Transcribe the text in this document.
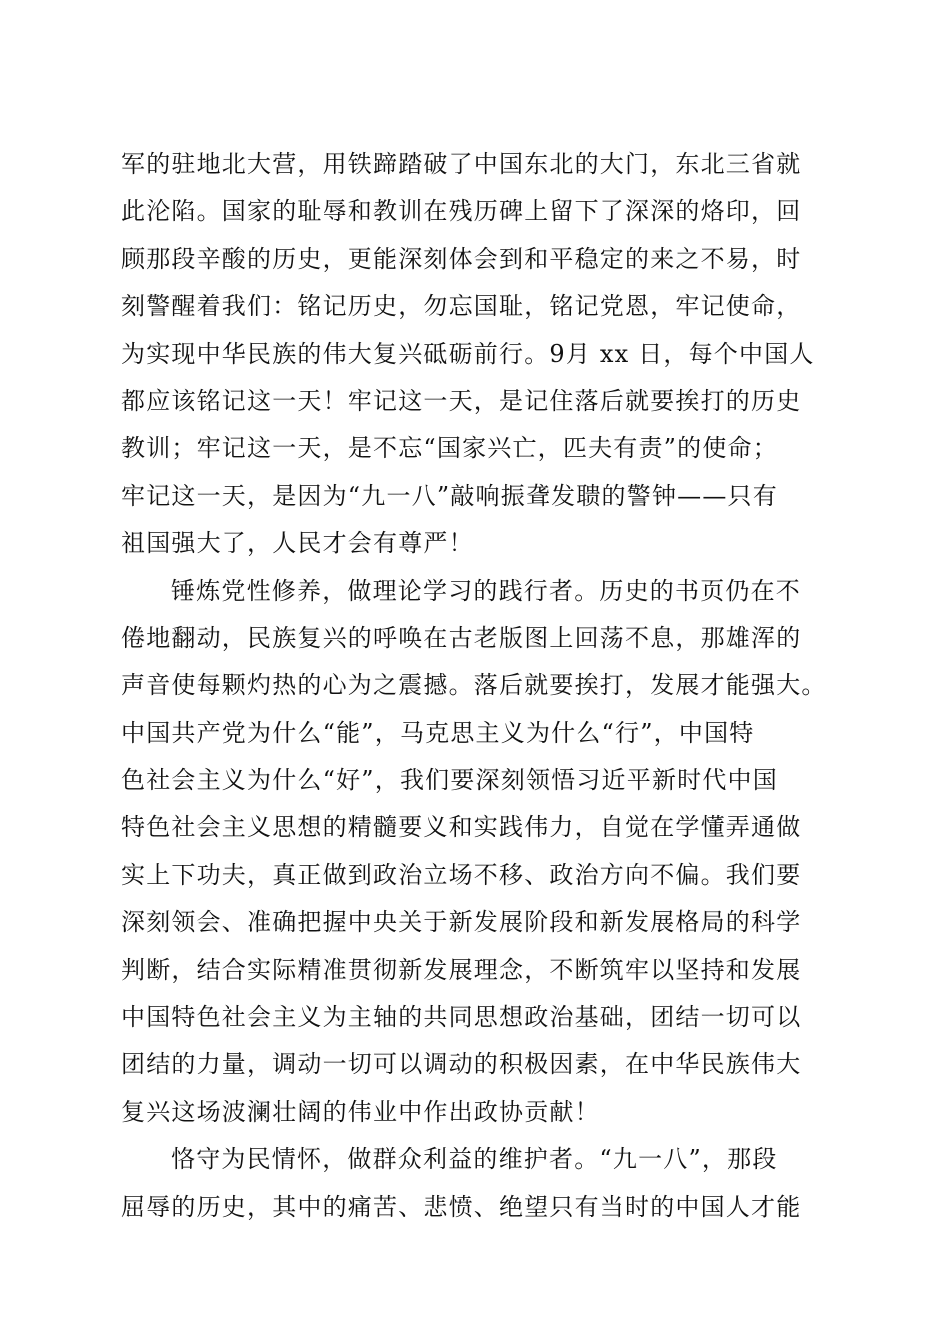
军的驻地北大营，用铁蹄踏破了中国东北的大门，东北三省就
此沦陷。国家的耻辱和教训在残历碑上留下了深深的烙印，回
顾那段辛酸的历史，更能深刻体会到和平稳定的来之不易，时
刻警醒着我们：铭记历史，勿忘国耻，铭记党恩，牢记使命，
为实现中华民族的伟大复兴砥砺前行。9月 xx 日，每个中国人
都应该铭记这一天！牢记这一天，是记住落后就要挨打的历史
教训；牢记这一天，是不忘“国家兴亡，匹夫有责”的使命；
牢记这一天，是因为“九一八”敲响振聋发聩的警钟——只有
祖国强大了，人民才会有尊严！
锤炼党性修养，做理论学习的践行者。历史的书页仍在不
倦地翻动，民族复兴的呼唤在古老版图上回荡不息，那雄浑的
声音使每颗灼热的心为之震撼。落后就要挨打，发展才能强大。
中国共产党为什么“能”，马克思主义为什么“行”，中国特
色社会主义为什么“好”，我们要深刻领悟习近平新时代中国
特色社会主义思想的精髓要义和实践伟力，自觉在学懂弄通做
实上下功夫，真正做到政治立场不移、政治方向不偏。我们要
深刻领会、准确把握中央关于新发展阶段和新发展格局的科学
判断，结合实际精准贯彻新发展理念，不断筑牢以坚持和发展
中国特色社会主义为主轴的共同思想政治基础，团结一切可以
团结的力量，调动一切可以调动的积极因素，在中华民族伟大
复兴这场波澜壮阔的伟业中作出政协贡献！
恪守为民情怀，做群众利益的维护者。“九一八”，那段
屈辱的历史，其中的痛苦、悲愤、绝望只有当时的中国人才能
